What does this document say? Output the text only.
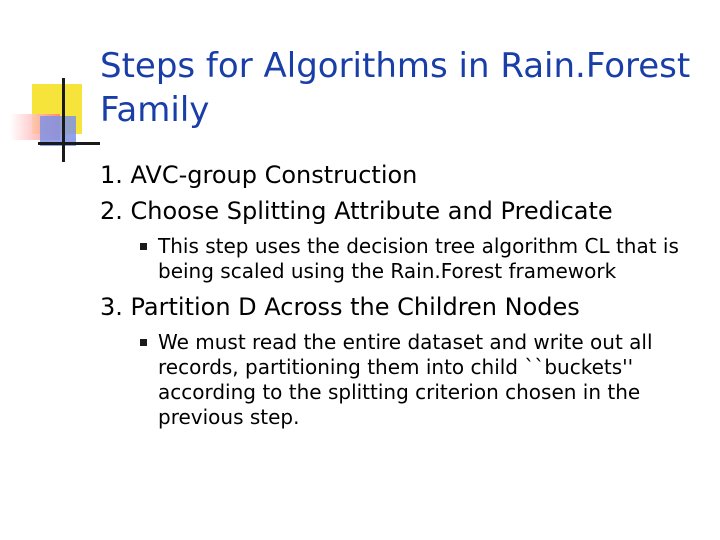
Steps for Algorithms in Rain.Forest Family
1. AVC-group Construction
2. Choose Splitting Attribute and Predicate
This step uses the decision tree algorithm CL that is being scaled using the Rain.Forest framework
3. Partition D Across the Children Nodes
We must read the entire dataset and write out all records, partitioning them into child ``buckets'' according to the splitting criterion chosen in the previous step.
